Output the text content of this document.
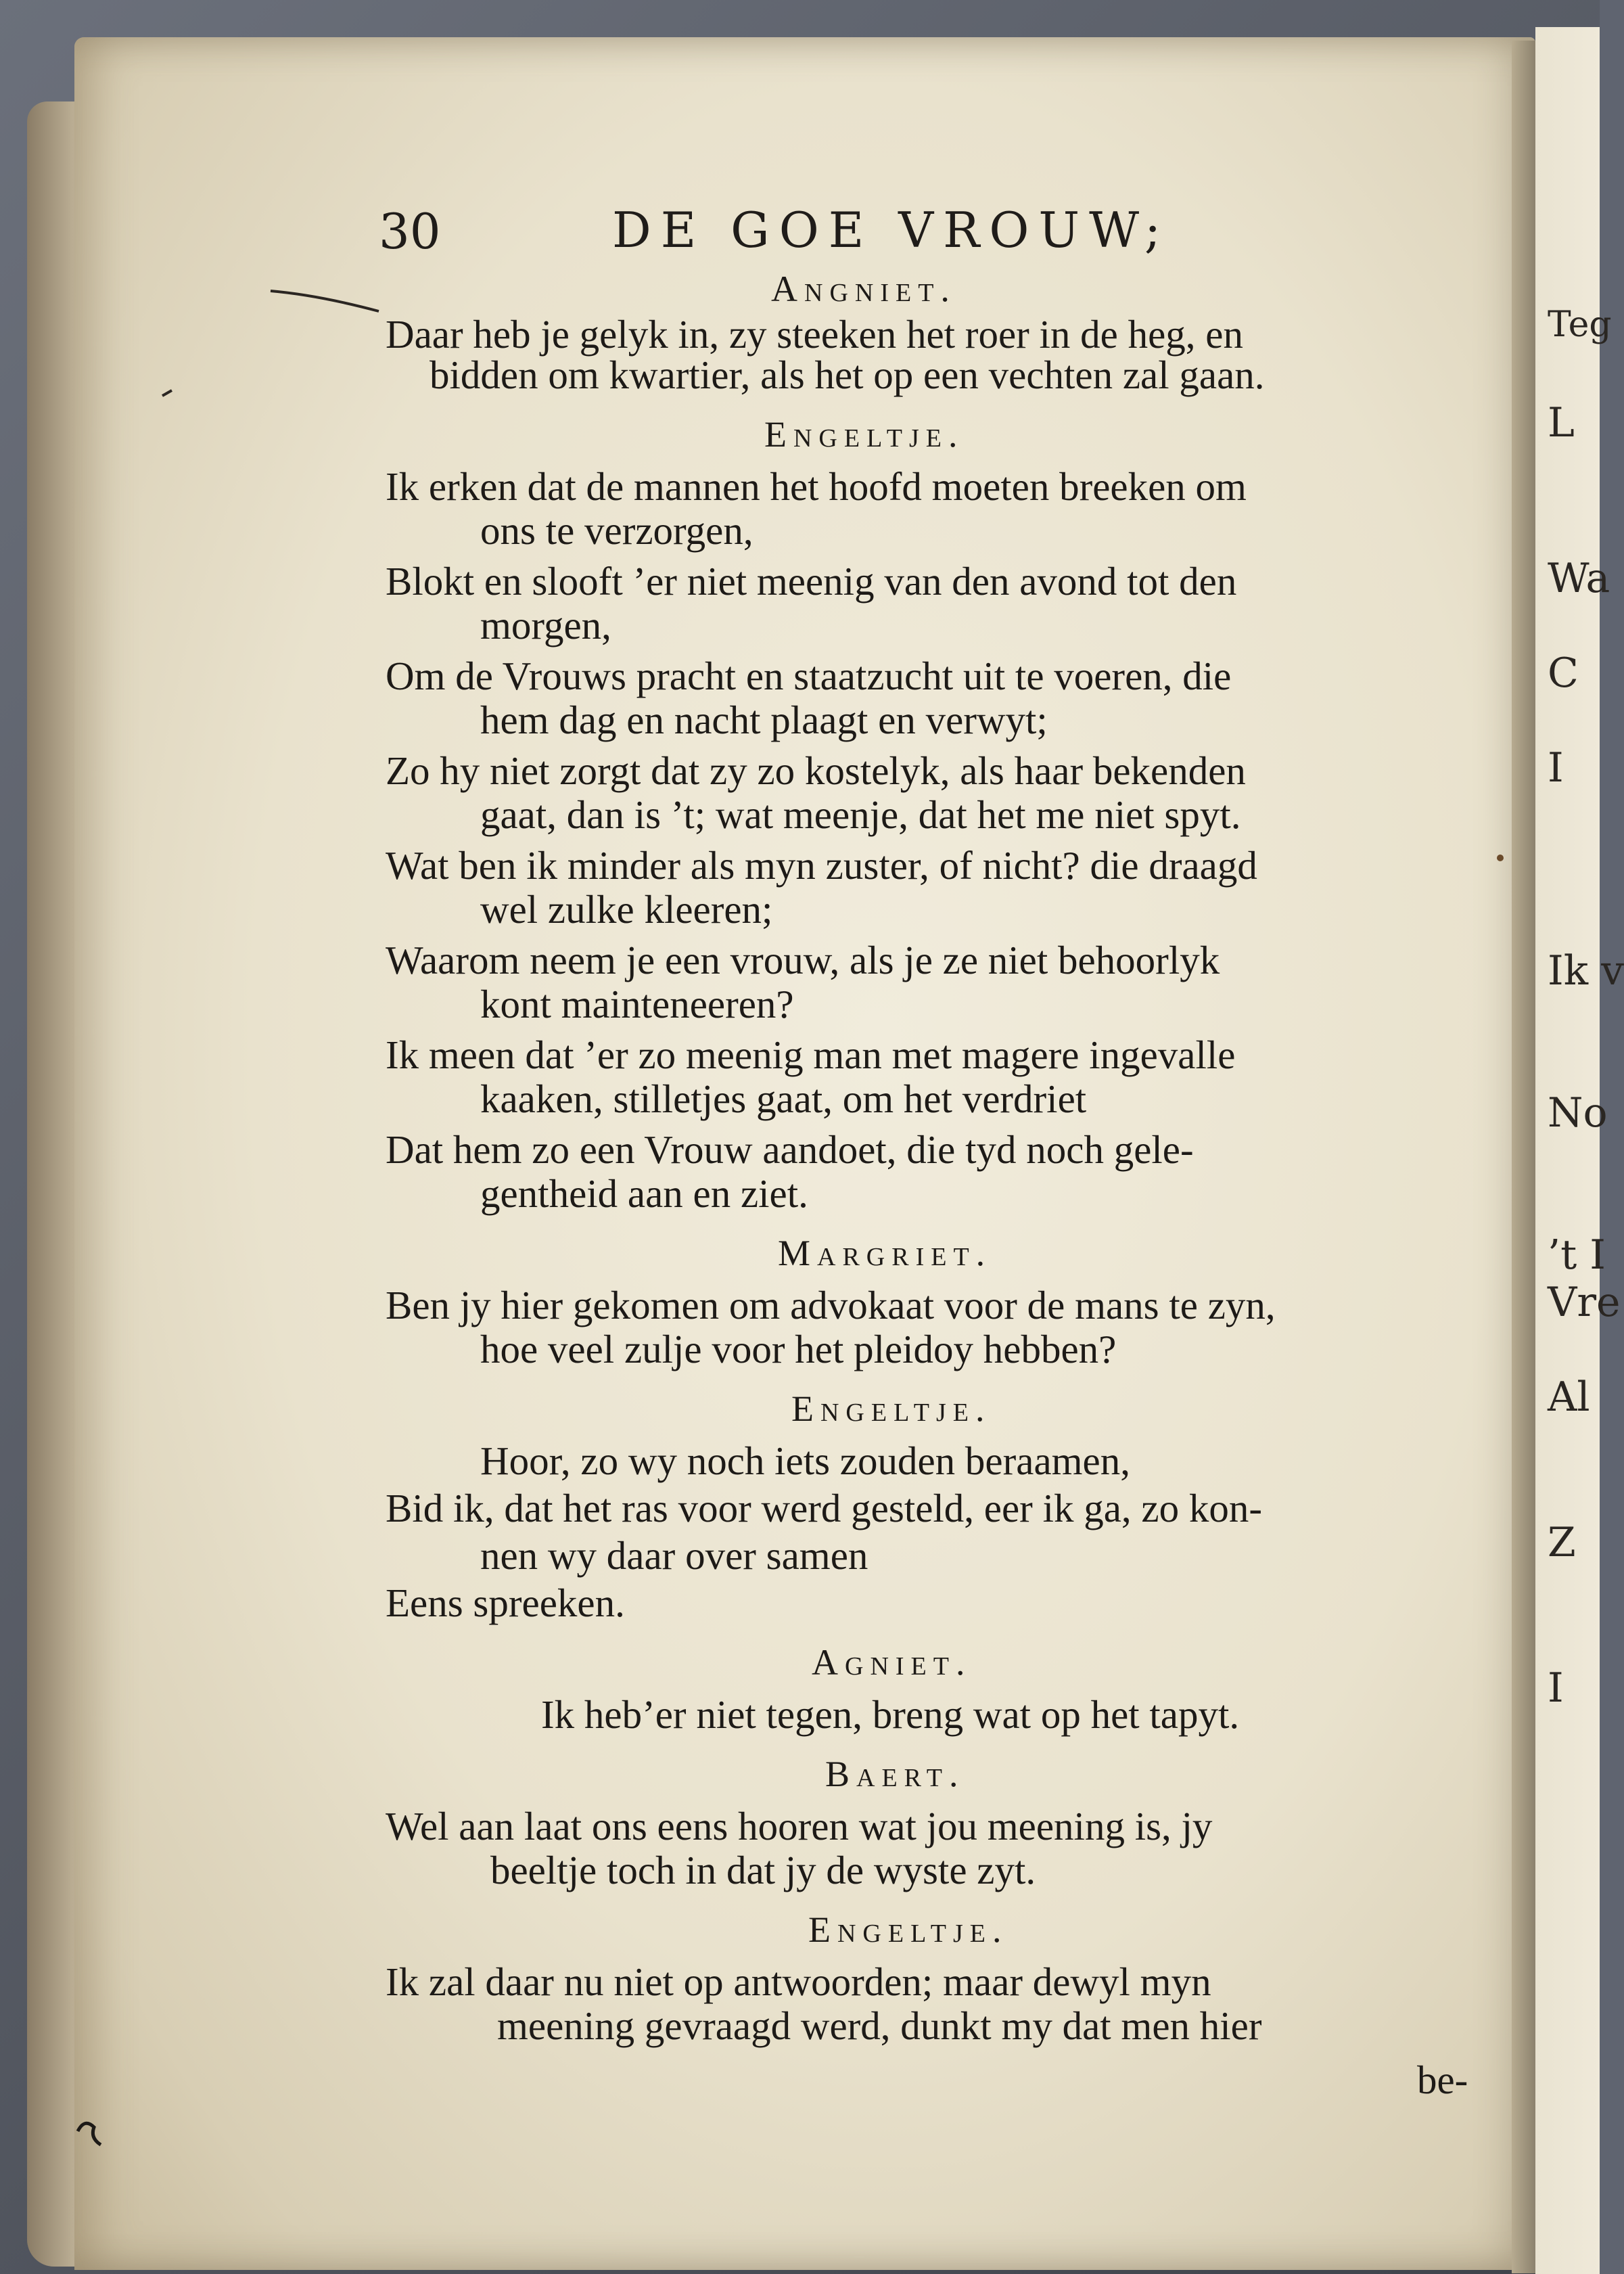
Teg
L
Wa
C
I
Ik v
No
’t I
Vre
Al
Z
I
30	DE GOE VROUW;
Angniet.
Daar heb je gelyk in, zy steeken het roer in de heg, en
bidden om kwartier, als het op een vechten zal gaan.
Engeltje.
Ik erken dat de mannen het hoofd moeten breeken om
ons te verzorgen,
Blokt en slooft ’er niet meenig van den avond tot den
morgen,
Om de Vrouws pracht en staatzucht uit te voeren, die
hem dag en nacht plaagt en verwyt;
Zo hy niet zorgt dat zy zo kostelyk, als haar bekenden
gaat, dan is ’t; wat meenje, dat het me niet spyt.
Wat ben ik minder als myn zuster, of nicht? die draagd
wel zulke kleeren;
Waarom neem je een vrouw, als je ze niet behoorlyk
kont mainteneeren?
Ik meen dat ’er zo meenig man met magere ingevalle
kaaken, stilletjes gaat, om het verdriet
Dat hem zo een Vrouw aandoet, die tyd noch gele-
gentheid aan en ziet.
Margriet.
Ben jy hier gekomen om advokaat voor de mans te zyn,
hoe veel zulje voor het pleidoy hebben?
Engeltje.
Hoor, zo wy noch iets zouden beraamen,
Bid ik, dat het ras voor werd gesteld, eer ik ga, zo kon-
nen wy daar over samen
Eens spreeken.
Agniet.
Ik heb’er niet tegen, breng wat op het tapyt.
Baert.
Wel aan laat ons eens hooren wat jou meening is, jy
beeltje toch in dat jy de wyste zyt.
Engeltje.
Ik zal daar nu niet op antwoorden; maar dewyl myn
meening gevraagd werd, dunkt my dat men hier
be-
